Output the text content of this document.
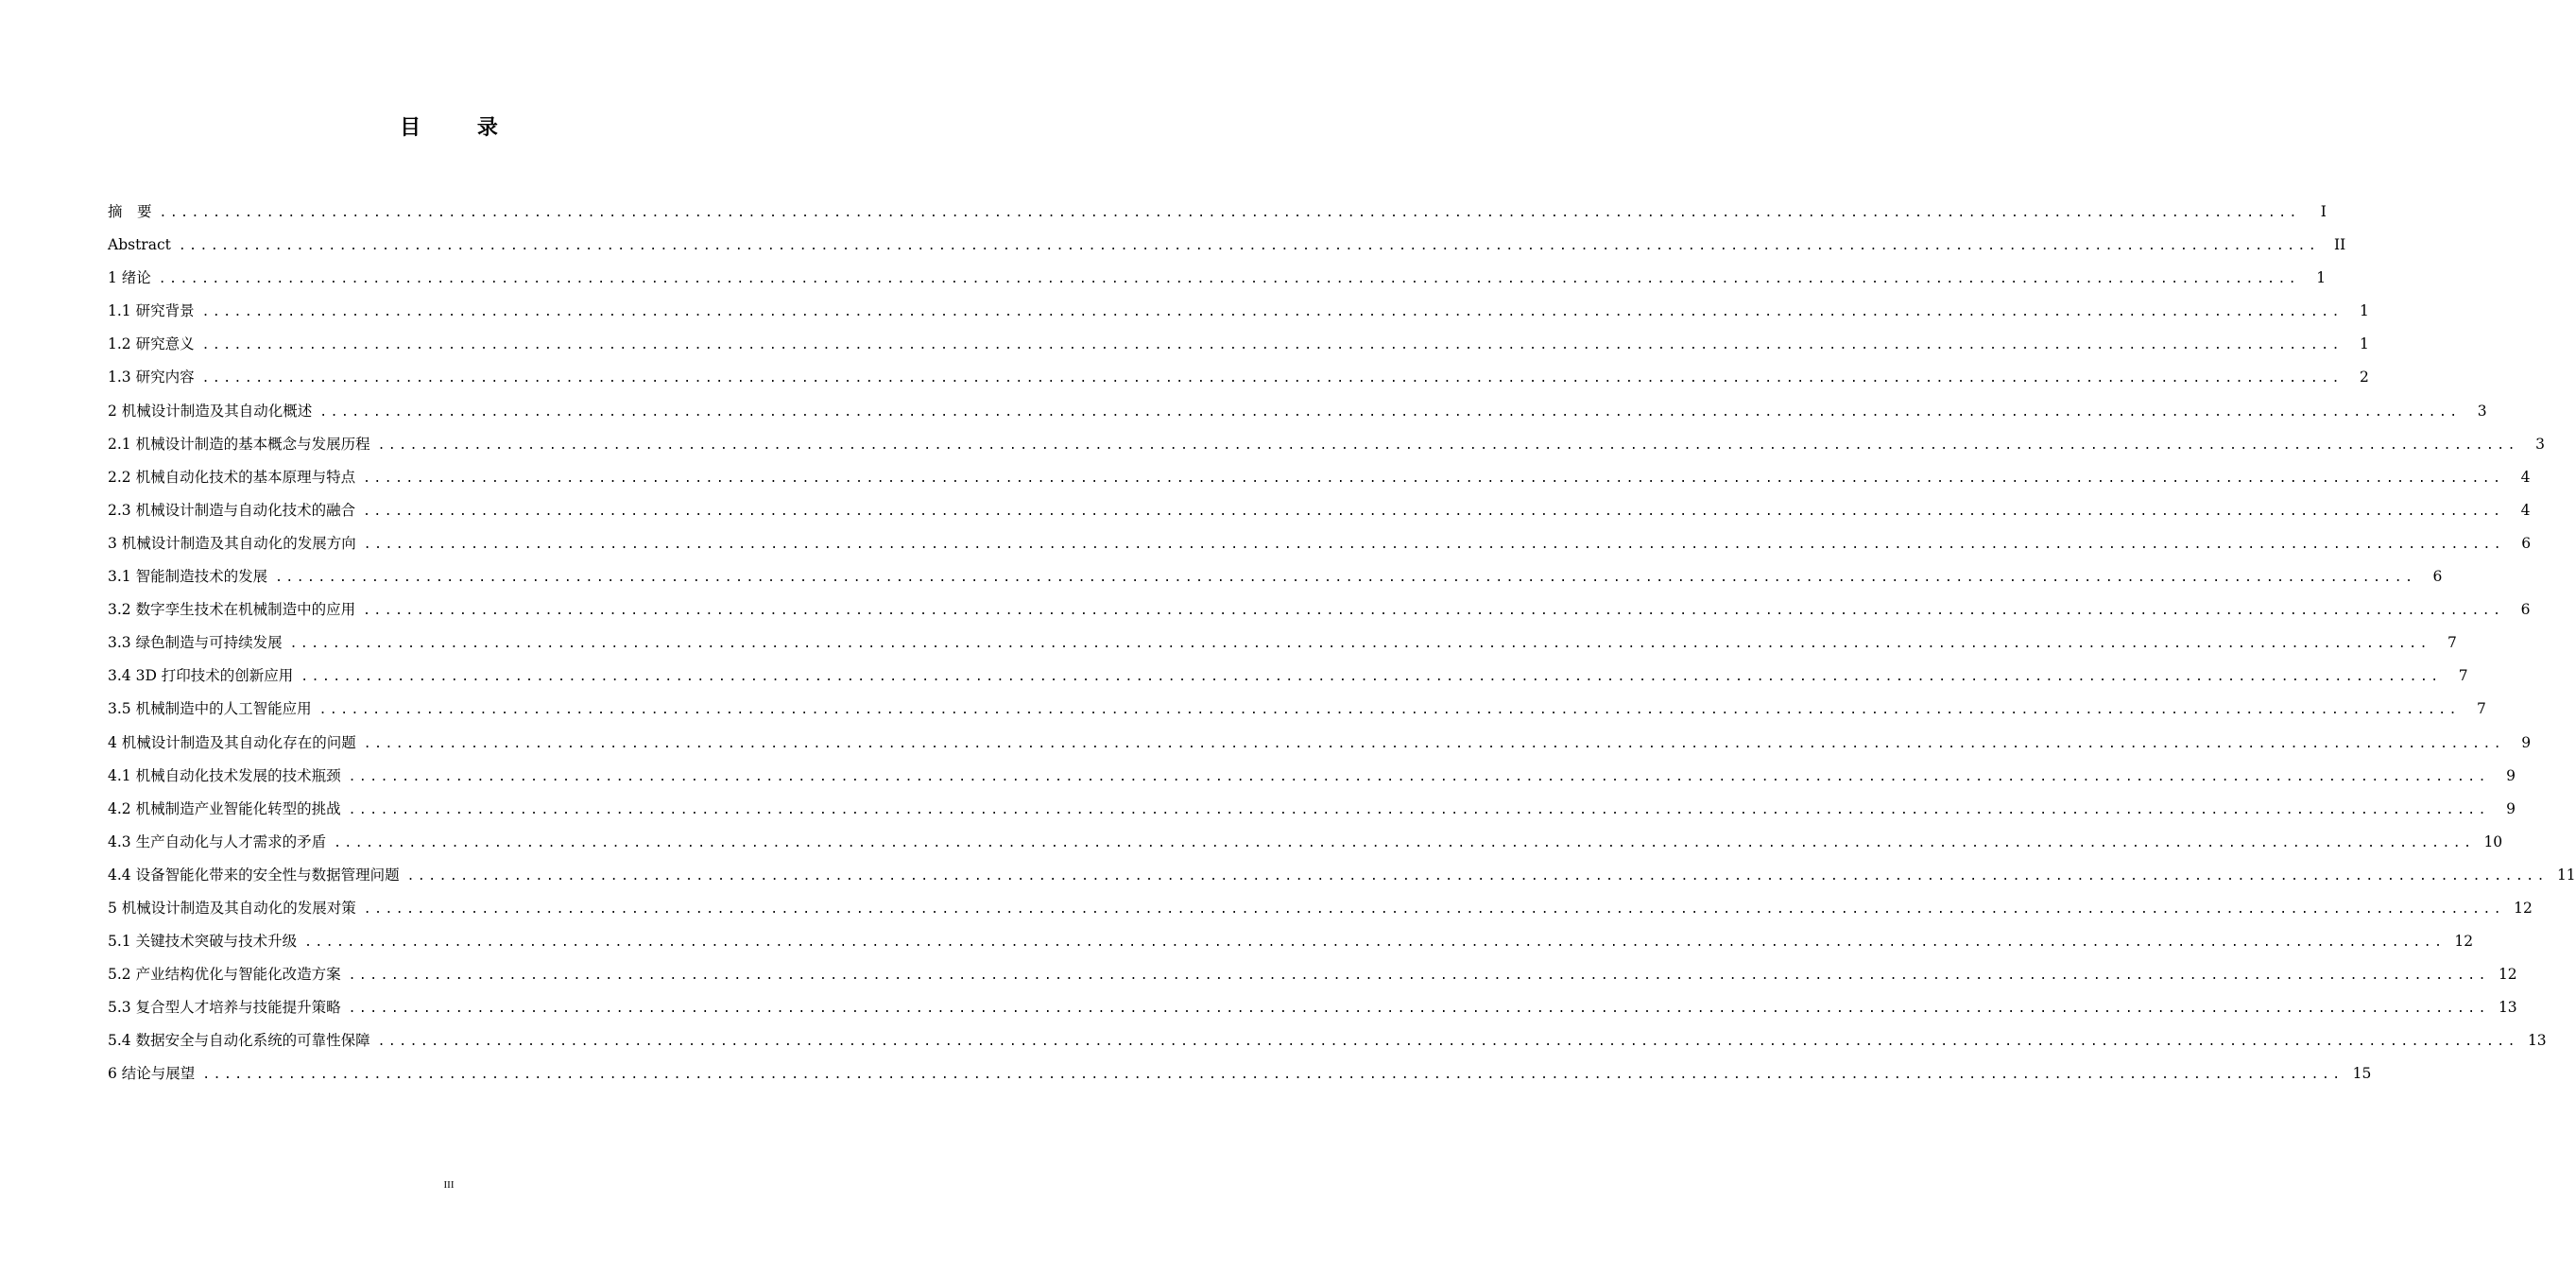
目 录
摘　要 ........................................................................................................................................................................................................	I
Abstract ........................................................................................................................................................................................................	II
1 绪论 ........................................................................................................................................................................................................	1
1.1 研究背景 ........................................................................................................................................................................................................	1
1.2 研究意义 ........................................................................................................................................................................................................	1
1.3 研究内容 ........................................................................................................................................................................................................	2
2 机械设计制造及其自动化概述 ........................................................................................................................................................................................................	3
2.1 机械设计制造的基本概念与发展历程 ........................................................................................................................................................................................................	3
2.2 机械自动化技术的基本原理与特点 ........................................................................................................................................................................................................	4
2.3 机械设计制造与自动化技术的融合 ........................................................................................................................................................................................................	4
3 机械设计制造及其自动化的发展方向 ........................................................................................................................................................................................................	6
3.1 智能制造技术的发展 ........................................................................................................................................................................................................	6
3.2 数字孪生技术在机械制造中的应用 ........................................................................................................................................................................................................	6
3.3 绿色制造与可持续发展 ........................................................................................................................................................................................................	7
3.4 3D 打印技术的创新应用 ........................................................................................................................................................................................................	7
3.5 机械制造中的人工智能应用 ........................................................................................................................................................................................................	7
4 机械设计制造及其自动化存在的问题 ........................................................................................................................................................................................................	9
4.1 机械自动化技术发展的技术瓶颈 ........................................................................................................................................................................................................	9
4.2 机械制造产业智能化转型的挑战 ........................................................................................................................................................................................................	9
4.3 生产自动化与人才需求的矛盾 ........................................................................................................................................................................................................ 10
4.4 设备智能化带来的安全性与数据管理问题 ........................................................................................................................................................................................................ 11
5 机械设计制造及其自动化的发展对策 ........................................................................................................................................................................................................ 12
5.1 关键技术突破与技术升级 ........................................................................................................................................................................................................ 12
5.2 产业结构优化与智能化改造方案 ........................................................................................................................................................................................................ 12
5.3 复合型人才培养与技能提升策略 ........................................................................................................................................................................................................ 13
5.4 数据安全与自动化系统的可靠性保障 ........................................................................................................................................................................................................ 13
6 结论与展望 ........................................................................................................................................................................................................ 15
III
